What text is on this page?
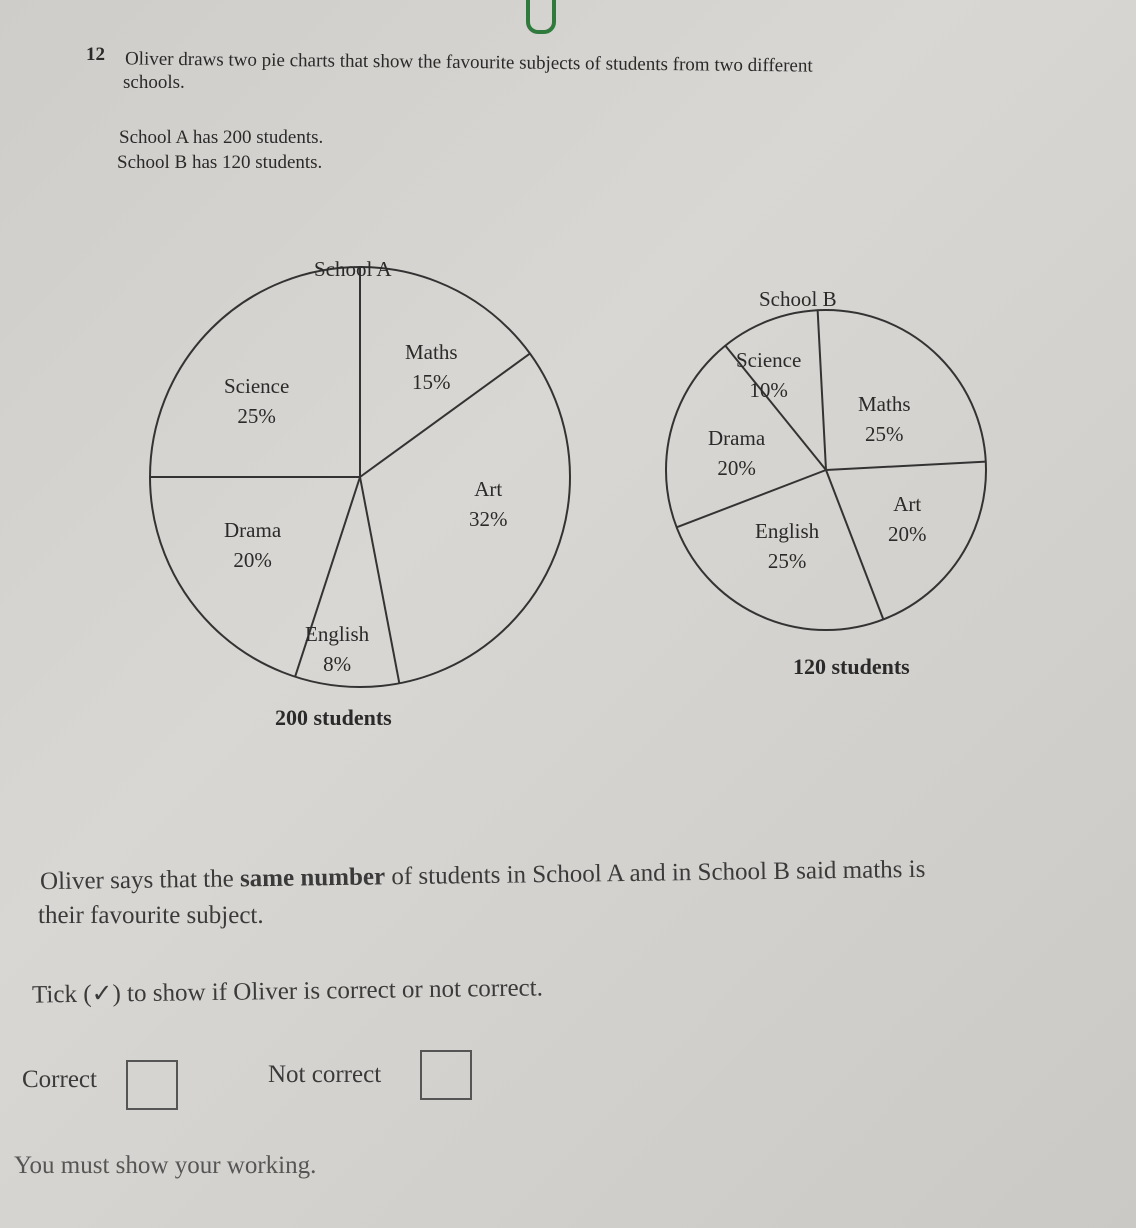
12 Oliver draws two pie charts that show the favourite subjects of students from two different
schools.
School A has 200 students.
School B has 120 students.
School A
Maths
15%
Art
32%
English
8%
Drama
20%
Science
25%
200 students
School B
Maths
25%
Art
20%
English
25%
Drama
20%
Science
10%
120 students
Oliver says that the same number of students in School A and in School B said maths is
their favourite subject.
Tick (✓) to show if Oliver is correct or not correct.
Correct	Not correct
You must show your working.
